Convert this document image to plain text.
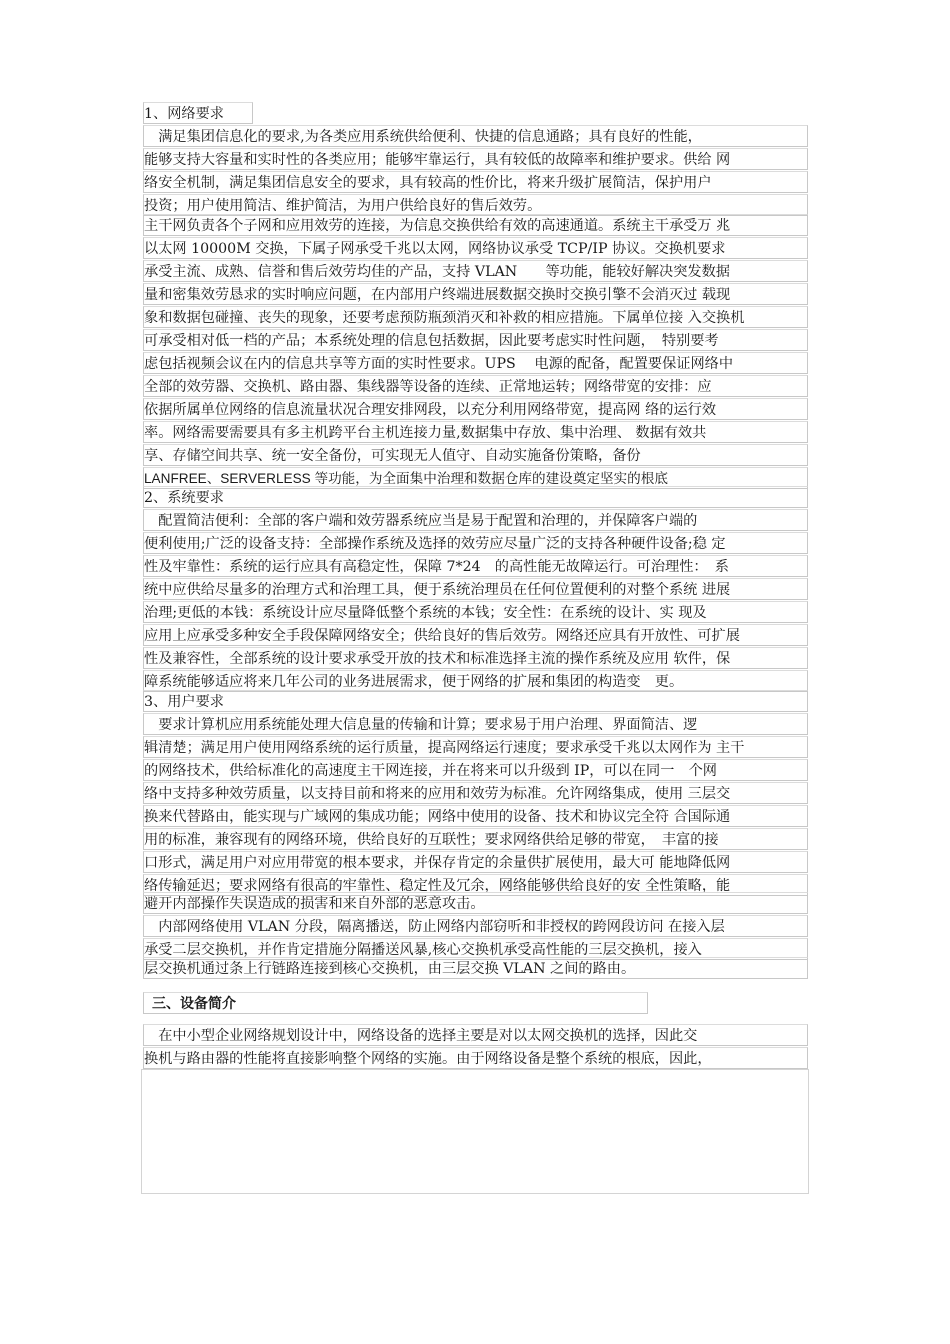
1、网络要求
　满足集团信息化的要求,为各类应用系统供给便利、快捷的信息通路；具有良好的性能，
能够支持大容量和实时性的各类应用；能够牢靠运行，具有较低的故障率和维护要求。供给 网
络安全机制，满足集团信息安全的要求，具有较高的性价比，将来升级扩展简洁，保护用户
投资；用户使用简洁、维护简洁，为用户供给良好的售后效劳。
主干网负责各个子网和应用效劳的连接，为信息交换供给有效的高速通道。系统主干承受万 兆
以太网 10000M 交换，下属子网承受千兆以太网，网络协议承受 TCP/IP 协议。交换机要求
承受主流、成熟、信誉和售后效劳均佳的产品，支持 VLAN　　等功能，能较好解决突发数据
量和密集效劳恳求的实时响应问题，在内部用户终端进展数据交换时交换引擎不会消灭过 载现
象和数据包碰撞、丧失的现象，还要考虑预防瓶颈消灭和补救的相应措施。下属单位接 入交换机
可承受相对低一档的产品；本系统处理的信息包括数据，因此要考虑实时性问题，　特别要考
虑包括视频会议在内的信息共享等方面的实时性要求。UPS　 电源的配备，配置要保证网络中
全部的效劳器、交换机、路由器、集线器等设备的连续、正常地运转；网络带宽的安排：应
依据所属单位网络的信息流量状况合理安排网段，以充分利用网络带宽，提高网 络的运行效
率。网络需要需要具有多主机跨平台主机连接力量,数据集中存放、集中治理、 数据有效共
享、存储空间共享、统一安全备份，可实现无人值守、自动实施备份策略，备份
LANFREE、SERVERLESS 等功能，为全面集中治理和数据仓库的建设奠定坚实的根底
2、系统要求
　配置简洁便利：全部的客户端和效劳器系统应当是易于配置和治理的，并保障客户端的
便利使用;广泛的设备支持：全部操作系统及选择的效劳应尽量广泛的支持各种硬件设备;稳 定
性及牢靠性：系统的运行应具有高稳定性，保障 7*24　的高性能无故障运行。可治理性：　系
统中应供给尽量多的治理方式和治理工具，便于系统治理员在任何位置便利的对整个系统 进展
治理;更低的本钱：系统设计应尽量降低整个系统的本钱；安全性：在系统的设计、实 现及
应用上应承受多种安全手段保障网络安全；供给良好的售后效劳。网络还应具有开放性、可扩展
性及兼容性，全部系统的设计要求承受开放的技术和标准选择主流的操作系统及应用 软件，保
障系统能够适应将来几年公司的业务进展需求，便于网络的扩展和集团的构造变　更。
3、用户要求
　要求计算机应用系统能处理大信息量的传输和计算；要求易于用户治理、界面简洁、逻
辑清楚；满足用户使用网络系统的运行质量，提高网络运行速度；要求承受千兆以太网作为 主干
的网络技术，供给标准化的高速度主干网连接，并在将来可以升级到 IP，可以在同一　个网
络中支持多种效劳质量，以支持目前和将来的应用和效劳为标准。允许网络集成，使用 三层交
换来代替路由，能实现与广域网的集成功能；网络中使用的设备、技术和协议完全符 合国际通
用的标准，兼容现有的网络环境，供给良好的互联性；要求网络供给足够的带宽，　丰富的接
口形式，满足用户对应用带宽的根本要求，并保存肯定的余量供扩展使用，最大可 能地降低网
络传输延迟；要求网络有很高的牢靠性、稳定性及冗余，网络能够供给良好的安 全性策略，能
避开内部操作失误造成的损害和来自外部的恶意攻击。
　内部网络使用 VLAN 分段，隔离播送，防止网络内部窃听和非授权的跨网段访问 在接入层
承受二层交换机，并作肯定措施分隔播送风暴,核心交换机承受高性能的三层交换机，接入
层交换机通过条上行链路连接到核心交换机，由三层交换 VLAN 之间的路由。
三、设备简介
　在中小型企业网络规划设计中，网络设备的选择主要是对以太网交换机的选择，因此交
换机与路由器的性能将直接影响整个网络的实施。由于网络设备是整个系统的根底，因此，
